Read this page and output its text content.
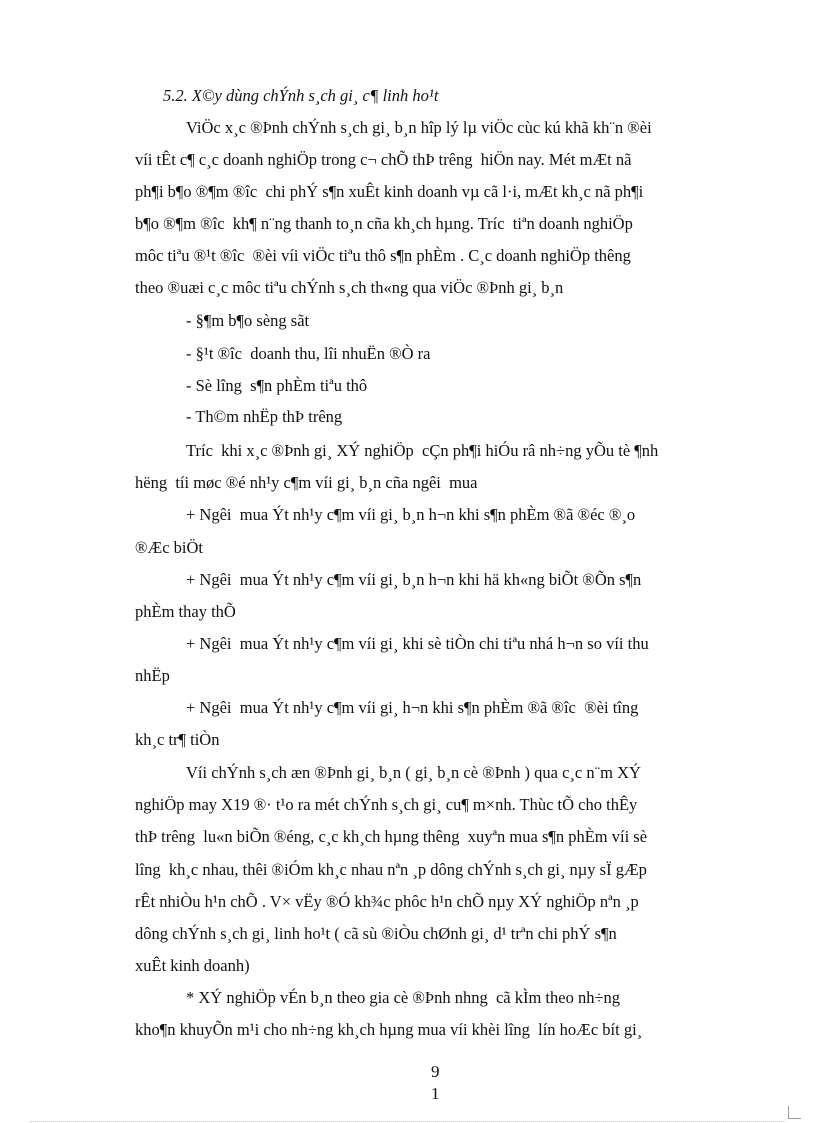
5.2. X©y dùng chÝnh s¸ch gi¸ c¶ linh ho¹t
ViÖc x¸c ®Þnh chÝnh s¸ch gi¸ b¸n hîp lý lµ viÖc cùc kú khã kh¨n ®èi
víi tÊt c¶ c¸c doanh nghiÖp trong c¬ chÕ thÞ trêng  hiÖn nay. Mét mÆt nã
ph¶i b¶o ®¶m ®îc  chi phÝ s¶n xuÊt kinh doanh vµ cã l·i, mÆt kh¸c nã ph¶i
b¶o ®¶m ®îc  kh¶ n¨ng thanh to¸n cña kh¸ch hµng. Tríc  tiªn doanh nghiÖp
môc tiªu ®¹t ®îc  ®èi víi viÖc tiªu thô s¶n phÈm . C¸c doanh nghiÖp thêng
theo ®uæi c¸c môc tiªu chÝnh s¸ch th«ng qua viÖc ®Þnh gi¸ b¸n
- §¶m b¶o sèng sãt
- §¹t ®îc  doanh thu, lîi nhuËn ®Ò ra
- Sè lîng  s¶n phÈm tiªu thô
- Th©m nhËp thÞ trêng
Tríc  khi x¸c ®Þnh gi¸ XÝ nghiÖp  cÇn ph¶i hiÓu râ nh÷ng yÕu tè ¶nh
hëng  tíi møc ®é nh¹y c¶m víi gi¸ b¸n cña ngêi  mua
+ Ngêi  mua Ýt nh¹y c¶m víi gi¸ b¸n h¬n khi s¶n phÈm ®ã ®éc ®¸o
®Æc biÖt
+ Ngêi  mua Ýt nh¹y c¶m víi gi¸ b¸n h¬n khi hä kh«ng biÕt ®Õn s¶n
phÈm thay thÕ
+ Ngêi  mua Ýt nh¹y c¶m víi gi¸ khi sè tiÒn chi tiªu nhá h¬n so víi thu
nhËp
+ Ngêi  mua Ýt nh¹y c¶m víi gi¸ h¬n khi s¶n phÈm ®ã ®îc  ®èi tîng
kh¸c tr¶ tiÒn
Víi chÝnh s¸ch æn ®Þnh gi¸ b¸n ( gi¸ b¸n cè ®Þnh ) qua c¸c n¨m XÝ
nghiÖp may X19 ®· t¹o ra mét chÝnh s¸ch gi¸ cu¶ m×nh. Thùc tÕ cho thÊy
thÞ trêng  lu«n biÕn ®éng, c¸c kh¸ch hµng thêng  xuyªn mua s¶n phÈm víi sè
lîng  kh¸c nhau, thêi ®iÓm kh¸c nhau nªn ¸p dông chÝnh s¸ch gi¸ nµy sÏ gÆp
rÊt nhiÒu h¹n chÕ . V× vËy ®Ó kh¾c phôc h¹n chÕ nµy XÝ nghiÖp nªn ¸p
dông chÝnh s¸ch gi¸ linh ho¹t ( cã sù ®iÒu chØnh gi¸ d¹ trªn chi phÝ s¶n
xuÊt kinh doanh)
* XÝ nghiÖp vÉn b¸n theo gia cè ®Þnh nhng  cã kÌm theo nh÷ng
kho¶n khuyÕn m¹i cho nh÷ng kh¸ch hµng mua víi khèi lîng  lín hoÆc bít gi¸
9
1
